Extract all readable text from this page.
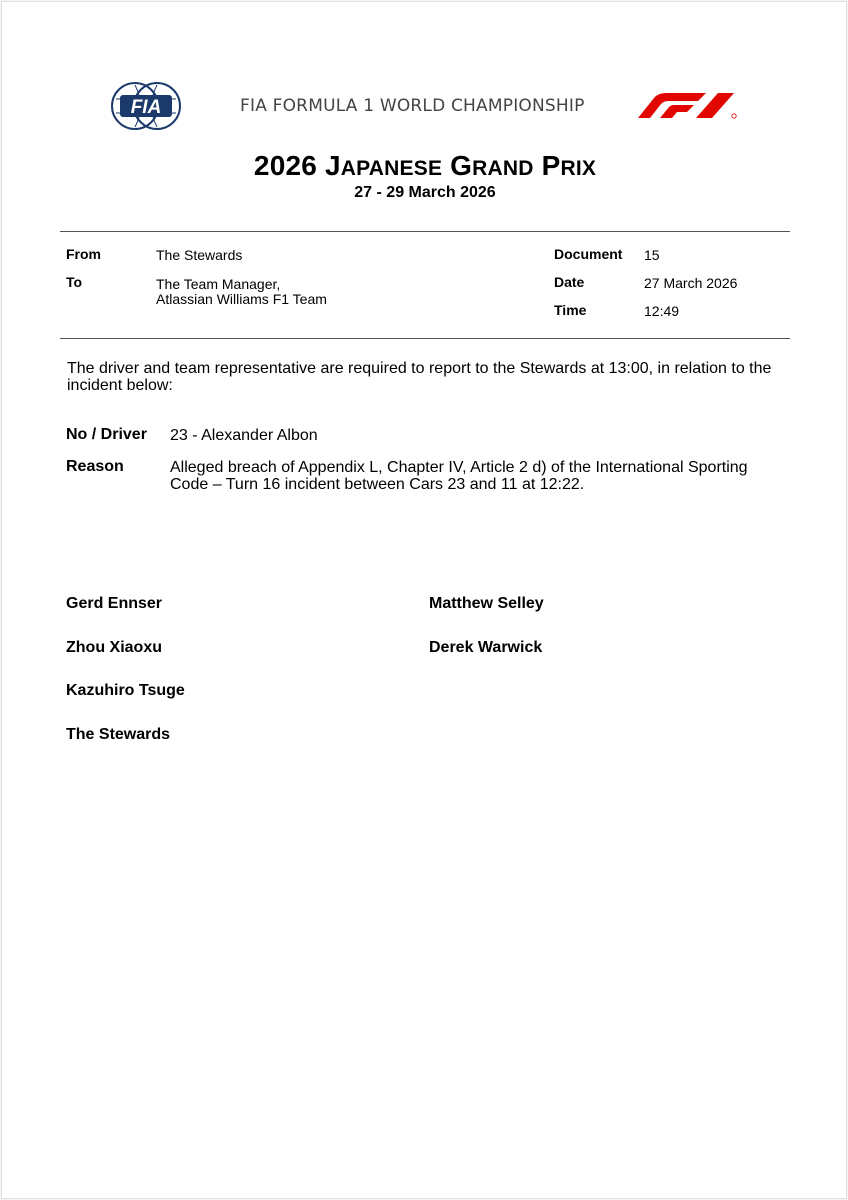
FIA	FIA FORMULA 1 WORLD CHAMPIONSHIP	F1
2026 JAPANESE GRAND PRIX
27 - 29 March 2026
From	The Stewards
To	The Team Manager,
Atlassian Williams F1 Team
Document 15
Date	27 March 2026
Time	12:49
The driver and team representative are required to report to the Stewards at 13:00, in relation to the incident below:
No / Driver 23 - Alexander Albon
Reason	Alleged breach of Appendix L, Chapter IV, Article 2 d) of the International Sporting Code – Turn 16 incident between Cars 23 and 11 at 12:22.
Gerd Ennser
Zhou Xiaoxu
Kazuhiro Tsuge
The Stewards
Matthew Selley
Derek Warwick
